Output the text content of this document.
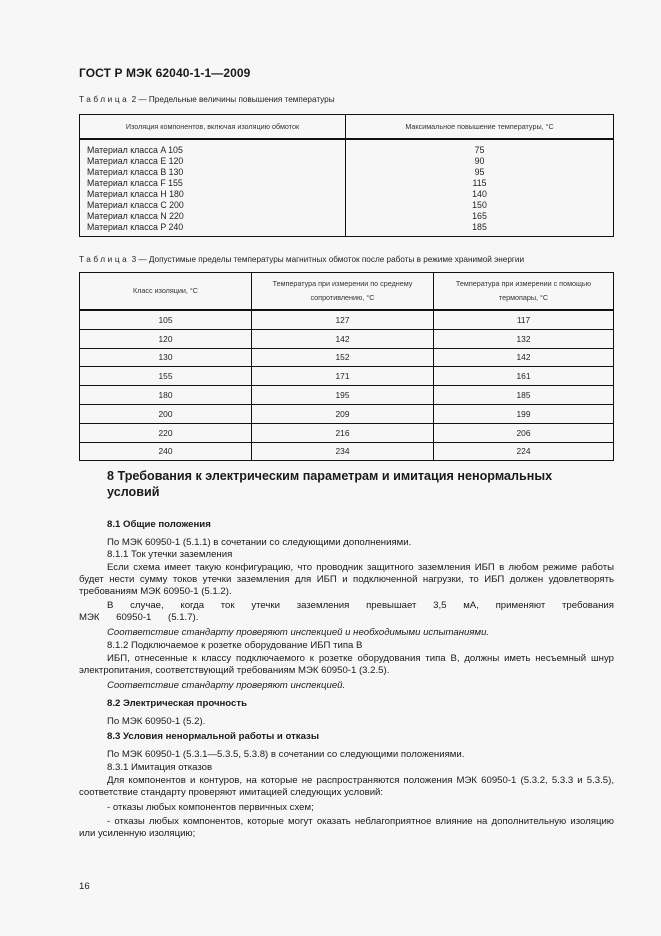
ГОСТ Р МЭК 62040-1-1—2009
Таблица 2 — Предельные величины повышения температуры
Изоляция компонентов, включая изоляцию обмоток	Максимальное повышение температуры, °С
Материал класса A 105	75
Материал класса E 120	90
Материал класса B 130	95
Материал класса F 155	115
Материал класса H 180	140
Материал класса C 200	150
Материал класса N 220	165
Материал класса P 240	185
Таблица 3 — Допустимые пределы температуры магнитных обмоток после работы в режиме хранимой энергии
Класс изоляции, °С	Температура при измерении по среднему сопротивлению, °С	Температура при измерении с помощью термопары, °С
105	127	117
120	142	132
130	152	142
155	171	161
180	195	185
200	209	199
220	216	206
240	234	224
8 Требования к электрическим параметрам и имитация ненормальных условий
8.1 Общие положения
По МЭК 60950-1 (5.1.1) в сочетании со следующими дополнениями.
8.1.1 Ток утечки заземления
Если схема имеет такую конфигурацию, что проводник защитного заземления ИБП в любом режиме работы будет нести сумму токов утечки заземления для ИБП и подключенной нагрузки, то ИБП должен удовлетворять требованиям МЭК 60950-1 (5.1.2).
В случае, когда ток утечки заземления превышает 3,5 мА, применяют требования МЭК 60950-1 (5.1.7).
Соответствие стандарту проверяют инспекцией и необходимыми испытаниями.
8.1.2 Подключаемое к розетке оборудование ИБП типа В
ИБП, отнесенные к классу подключаемого к розетке оборудования типа В, должны иметь несъемный шнур электропитания, соответствующий требованиям МЭК 60950-1 (3.2.5).
Соответствие стандарту проверяют инспекцией.
8.2 Электрическая прочность
По МЭК 60950-1 (5.2).
8.3 Условия ненормальной работы и отказы
По МЭК 60950-1 (5.3.1—5.3.5, 5.3.8) в сочетании со следующими положениями.
8.3.1 Имитация отказов
Для компонентов и контуров, на которые не распространяются положения МЭК 60950-1 (5.3.2, 5.3.3 и 5.3.5), соответствие стандарту проверяют имитацией следующих условий:
- отказы любых компонентов первичных схем;
- отказы любых компонентов, которые могут оказать неблагоприятное влияние на дополнительную изоляцию или усиленную изоляцию;
16
